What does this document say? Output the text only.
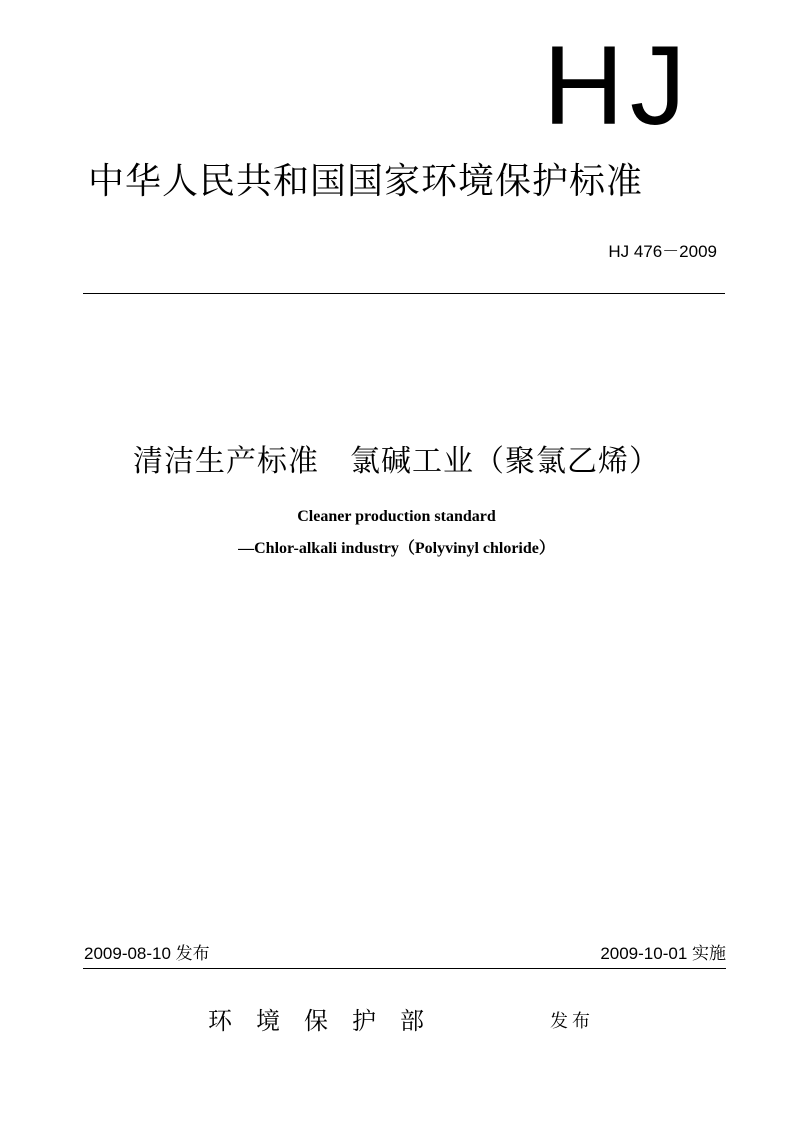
HJ
中华人民共和国国家环境保护标准
HJ 476－2009
清洁生产标准　氯碱工业（聚氯乙烯）
Cleaner production standard
—Chlor-alkali industry（Polyvinyl chloride）
2009-08-10 发布	2009-10-01 实施
环境保护部	发布
